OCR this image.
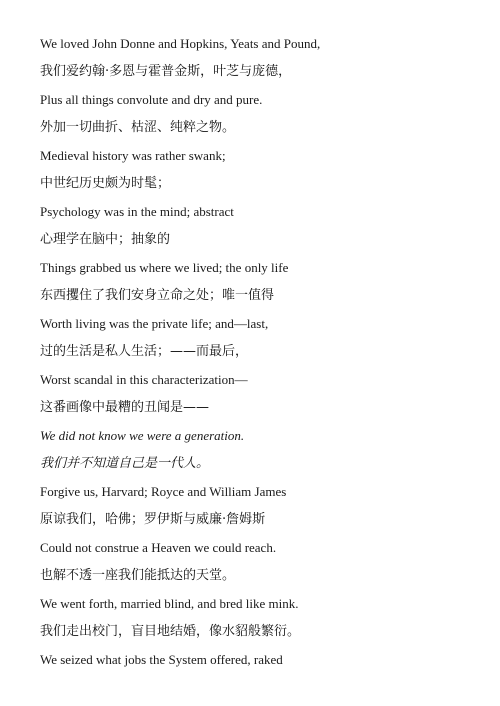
We loved John Donne and Hopkins, Yeats and Pound,
我们爱约翰·多恩与霍普金斯，叶芝与庞德，
Plus all things convolute and dry and pure.
外加一切曲折、枯涩、纯粹之物。
Medieval history was rather swank;
中世纪历史颇为时髦；
Psychology was in the mind; abstract
心理学在脑中；抽象的
Things grabbed us where we lived; the only life
东西攫住了我们安身立命之处；唯一值得
Worth living was the private life; and—last,
过的生活是私人生活；——而最后，
Worst scandal in this characterization—
这番画像中最糟的丑闻是——
We did not know we were a generation.
我们并不知道自己是一代人。
Forgive us, Harvard; Royce and William James
原谅我们，哈佛；罗伊斯与威廉·詹姆斯
Could not construe a Heaven we could reach.
也解不透一座我们能抵达的天堂。
We went forth, married blind, and bred like mink.
我们走出校门，盲目地结婚，像水貂般繁衍。
We seized what jobs the System offered, raked
